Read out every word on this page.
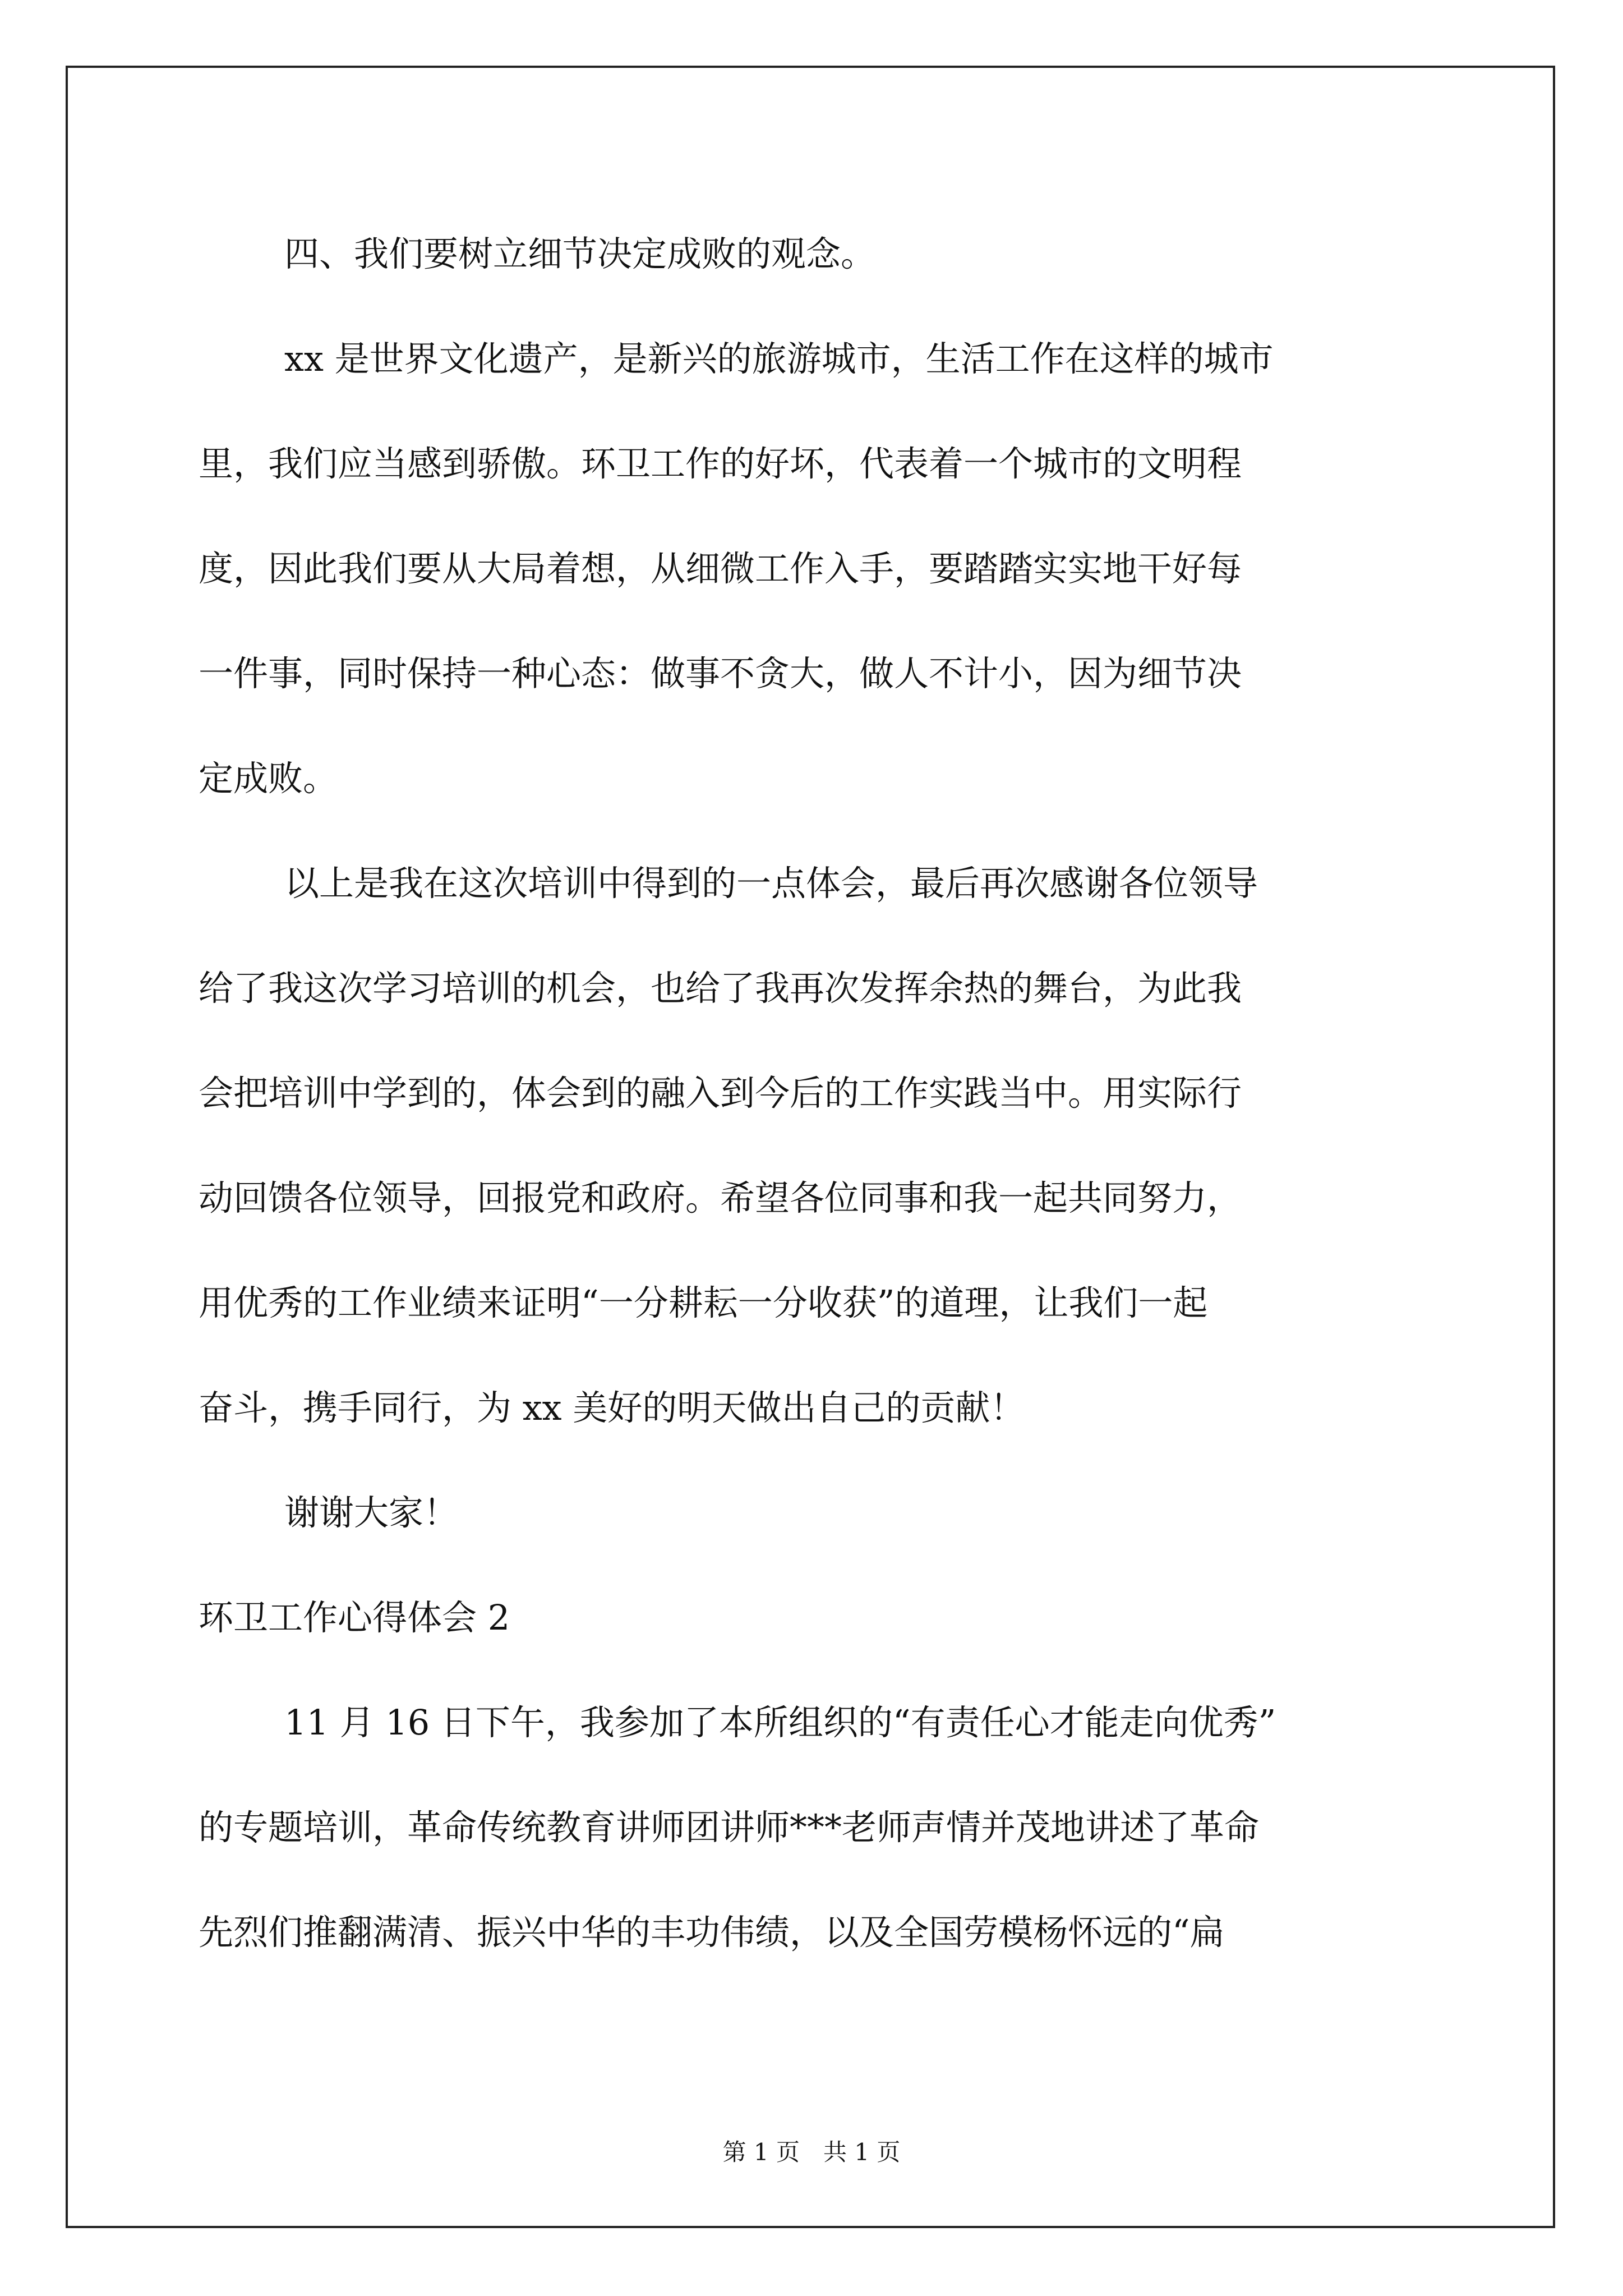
四、我们要树立细节决定成败的观念。
xx 是世界文化遗产，是新兴的旅游城市，生活工作在这样的城市
里，我们应当感到骄傲。环卫工作的好坏，代表着一个城市的文明程
度，因此我们要从大局着想，从细微工作入手，要踏踏实实地干好每
一件事，同时保持一种心态：做事不贪大，做人不计小，因为细节决
定成败。
以上是我在这次培训中得到的一点体会，最后再次感谢各位领导
给了我这次学习培训的机会，也给了我再次发挥余热的舞台，为此我
会把培训中学到的，体会到的融入到今后的工作实践当中。用实际行
动回馈各位领导，回报党和政府。希望各位同事和我一起共同努力，
用优秀的工作业绩来证明“一分耕耘一分收获”的道理，让我们一起
奋斗，携手同行，为 xx 美好的明天做出自己的贡献！
谢谢大家！
环卫工作心得体会 2
11 月 16 日下午，我参加了本所组织的“有责任心才能走向优秀”
的专题培训，革命传统教育讲师团讲师***老师声情并茂地讲述了革命
先烈们推翻满清、振兴中华的丰功伟绩，以及全国劳模杨怀远的“扁
第 1 页　共 1 页
